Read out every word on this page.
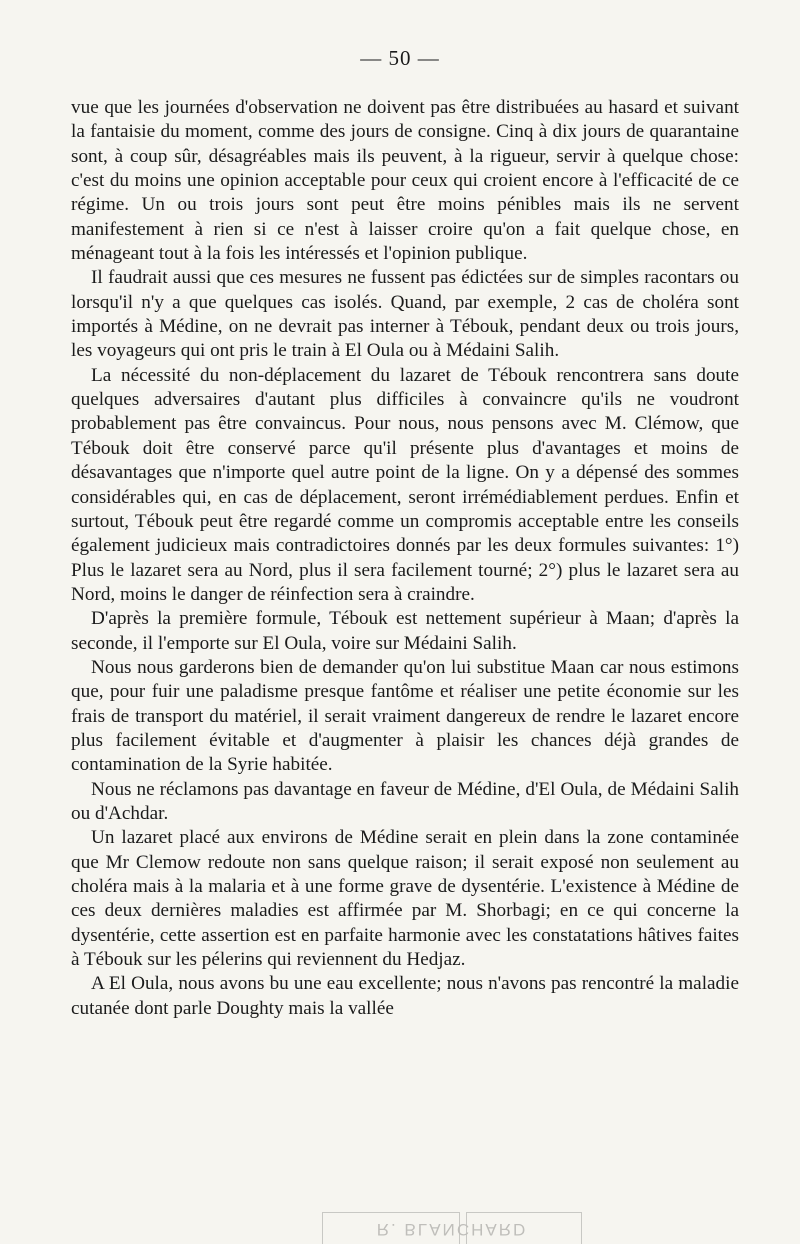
— 50 —

vue que les journées d'observation ne doivent pas être distribuées au hasard et suivant la fantaisie du moment, comme des jours de consigne. Cinq à dix jours de quarantaine sont, à coup sûr, désagréables mais ils peuvent, à la rigueur, servir à quelque chose: c'est du moins une opinion acceptable pour ceux qui croient encore à l'efficacité de ce régime. Un ou trois jours sont peut être moins pénibles mais ils ne servent manifestement à rien si ce n'est à laisser croire qu'on a fait quelque chose, en ménageant tout à la fois les intéressés et l'opinion publique.

Il faudrait aussi que ces mesures ne fussent pas édictées sur de simples racontars ou lorsqu'il n'y a que quelques cas isolés. Quand, par exemple, 2 cas de choléra sont importés à Médine, on ne devrait pas interner à Tébouk, pendant deux ou trois jours, les voyageurs qui ont pris le train à El Oula ou à Médaini Salih.

La nécessité du non-déplacement du lazaret de Tébouk rencontrera sans doute quelques adversaires d'autant plus difficiles à convaincre qu'ils ne voudront probablement pas être convaincus. Pour nous, nous pensons avec M. Clémow, que Tébouk doit être conservé parce qu'il présente plus d'avantages et moins de désavantages que n'importe quel autre point de la ligne. On y a dépensé des sommes considérables qui, en cas de déplacement, seront irrémédiablement perdues. Enfin et surtout, Tébouk peut être regardé comme un compromis acceptable entre les conseils également judicieux mais contradictoires donnés par les deux formules suivantes: 1°) Plus le lazaret sera au Nord, plus il sera facilement tourné; 2°) plus le lazaret sera au Nord, moins le danger de réinfection sera à craindre.

D'après la première formule, Tébouk est nettement supérieur à Maan; d'après la seconde, il l'emporte sur El Oula, voire sur Médaini Salih.

Nous nous garderons bien de demander qu'on lui substitue Maan car nous estimons que, pour fuir une paladisme presque fantôme et réaliser une petite économie sur les frais de transport du matériel, il serait vraiment dangereux de rendre le lazaret encore plus facilement évitable et d'augmenter à plaisir les chances déjà grandes de contamination de la Syrie habitée.

Nous ne réclamons pas davantage en faveur de Médine, d'El Oula, de Médaini Salih ou d'Achdar.

Un lazaret placé aux environs de Médine serait en plein dans la zone contaminée que Mr Clemow redoute non sans quelque raison; il serait exposé non seulement au choléra mais à la malaria et à une forme grave de dysentérie. L'existence à Médine de ces deux dernières maladies est affirmée par M. Shorbagi; en ce qui concerne la dysentérie, cette assertion est en parfaite harmonie avec les constatations hâtives faites à Tébouk sur les pélerins qui reviennent du Hedjaz.

A El Oula, nous avons bu une eau excellente; nous n'avons pas rencontré la maladie cutanée dont parle Doughty mais la vallée

R. BLANCHARD
